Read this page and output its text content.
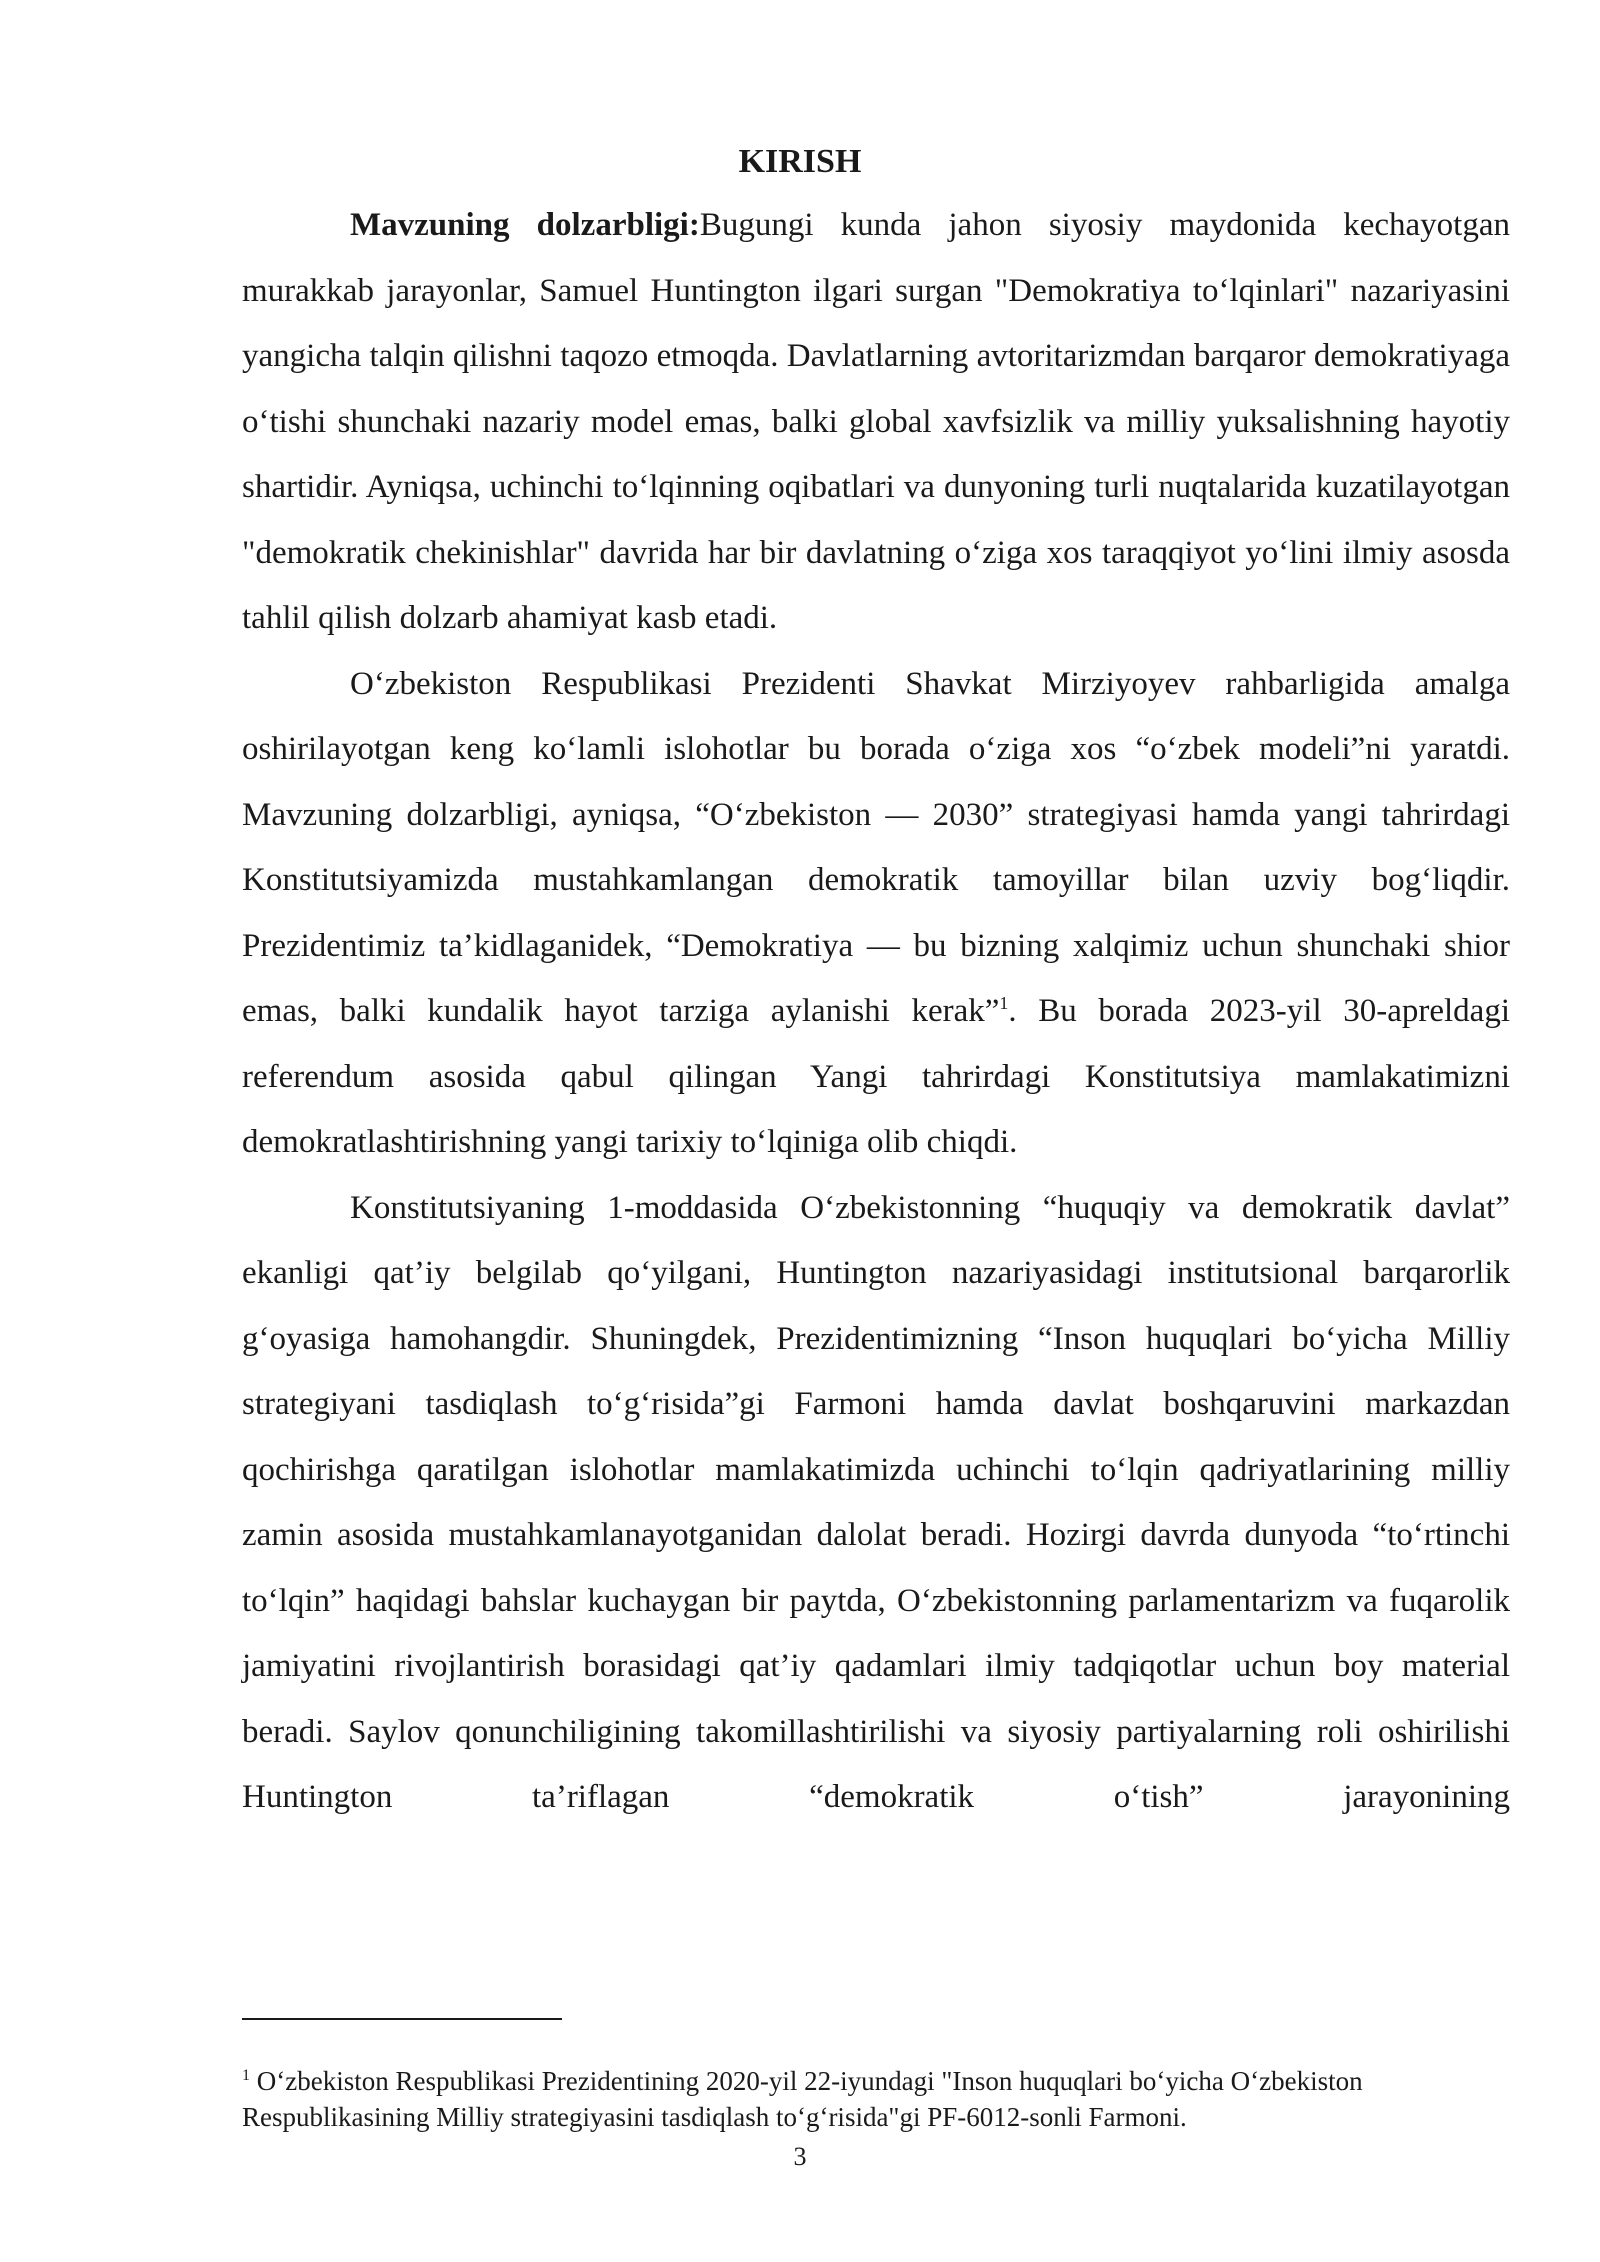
KIRISH

Mavzuning dolzarbligi:Bugungi kunda jahon siyosiy maydonida kechayotgan murakkab jarayonlar, Samuel Huntington ilgari surgan "Demokratiya to‘lqinlari" nazariyasini yangicha talqin qilishni taqozo etmoqda. Davlatlarning avtoritarizmdan barqaror demokratiyaga o‘tishi shunchaki nazariy model emas, balki global xavfsizlik va milliy yuksalishning hayotiy shartidir. Ayniqsa, uchinchi to‘lqinning oqibatlari va dunyoning turli nuqtalarida kuzatilayotgan "demokratik chekinishlar" davrida har bir davlatning o‘ziga xos taraqqiyot yo‘lini ilmiy asosda tahlil qilish dolzarb ahamiyat kasb etadi.

O‘zbekiston Respublikasi Prezidenti Shavkat Mirziyoyev rahbarligida amalga oshirilayotgan keng ko‘lamli islohotlar bu borada o‘ziga xos “o‘zbek modeli”ni yaratdi. Mavzuning dolzarbligi, ayniqsa, “O‘zbekiston — 2030” strategiyasi hamda yangi tahrirdagi Konstitutsiyamizda mustahkamlangan demokratik tamoyillar bilan uzviy bog‘liqdir. Prezidentimiz ta’kidlaganidek, “Demokratiya — bu bizning xalqimiz uchun shunchaki shior emas, balki kundalik hayot tarziga aylanishi kerak”$^1$. Bu borada 2023-yil 30-apreldagi referendum asosida qabul qilingan Yangi tahrirdagi Konstitutsiya mamlakatimizni demokratlashtirishning yangi tarixiy to‘lqiniga olib chiqdi.

Konstitutsiyaning 1-moddasida O‘zbekistonning “huquqiy va demokratik davlat” ekanligi qat’iy belgilab qo‘yilgani, Huntington nazariyasidagi institutsional barqarorlik g‘oyasiga hamohangdir. Shuningdek, Prezidentimizning “Inson huquqlari bo‘yicha Milliy strategiyani tasdiqlash to‘g‘risida”gi Farmoni hamda davlat boshqaruvini markazdan qochirishga qaratilgan islohotlar mamlakatimizda uchinchi to‘lqin qadriyatlarining milliy zamin asosida mustahkamlanayotganidan dalolat beradi. Hozirgi davrda dunyoda “to‘rtinchi to‘lqin” haqidagi bahslar kuchaygan bir paytda, O‘zbekistonning parlamentarizm va fuqarolik jamiyatini rivojlantirish borasidagi qat’iy qadamlari ilmiy tadqiqotlar uchun boy material beradi. Saylov qonunchiligining takomillashtirilishi va siyosiy partiyalarning roli oshirilishi Huntington ta’riflagan “demokratik o‘tish” jarayonining

$^1$ O‘zbekiston Respublikasi Prezidentining 2020-yil 22-iyundagi "Inson huquqlari bo‘yicha O‘zbekiston Respublikasining Milliy strategiyasini tasdiqlash to‘g‘risida"gi PF-6012-sonli Farmoni.

3
